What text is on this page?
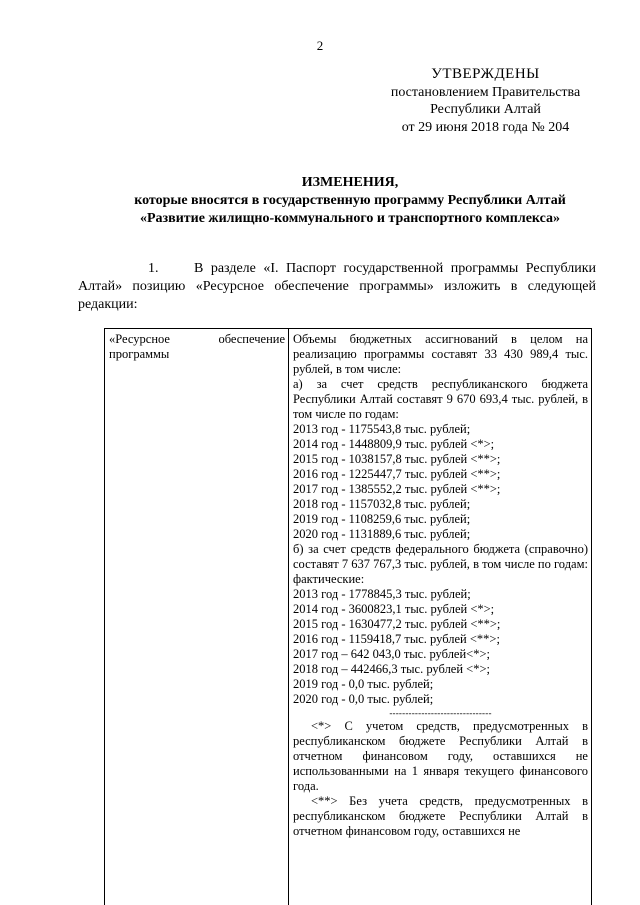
2
УТВЕРЖДЕНЫ
постановлением Правительства
Республики Алтай
от 29 июня 2018 года № 204
ИЗМЕНЕНИЯ,
которые вносятся в государственную программу Республики Алтай
«Развитие жилищно-коммунального и транспортного комплекса»
1.	В разделе «I. Паспорт государственной программы Республики Алтай» позицию «Ресурсное обеспечение программы» изложить в следующей редакции:
«Ресурсное	обеспечение
программы
Объемы бюджетных ассигнований в целом на реализацию программы составят 33 430 989,4 тыс. рублей, в том числе:
а) за счет средств республиканского бюджета Республики Алтай составят 9 670 693,4 тыс. рублей, в том числе по годам:
2013 год - 1175543,8 тыс. рублей;
2014 год - 1448809,9 тыс. рублей <*>;
2015 год - 1038157,8 тыс. рублей <**>;
2016 год - 1225447,7 тыс. рублей <**>;
2017 год - 1385552,2 тыс. рублей <**>;
2018 год - 1157032,8 тыс. рублей;
2019 год - 1108259,6 тыс. рублей;
2020 год - 1131889,6 тыс. рублей;
б) за счет средств федерального бюджета (справочно) составят 7 637 767,3 тыс. рублей, в том числе по годам: фактические:
2013 год - 1778845,3 тыс. рублей;
2014 год - 3600823,1 тыс. рублей <*>;
2015 год - 1630477,2 тыс. рублей <**>;
2016 год - 1159418,7 тыс. рублей <**>;
2017 год – 642 043,0 тыс. рублей<*>;
2018 год – 442466,3 тыс. рублей <*>;
2019 год - 0,0 тыс. рублей;
2020 год - 0,0 тыс. рублей;
--------------------------------
<*> С учетом средств, предусмотренных в республиканском бюджете Республики Алтай в отчетном финансовом году, оставшихся не использованными на 1 января текущего финансового года.
<**> Без учета средств, предусмотренных в республиканском бюджете Республики Алтай в отчетном финансовом году, оставшихся не
